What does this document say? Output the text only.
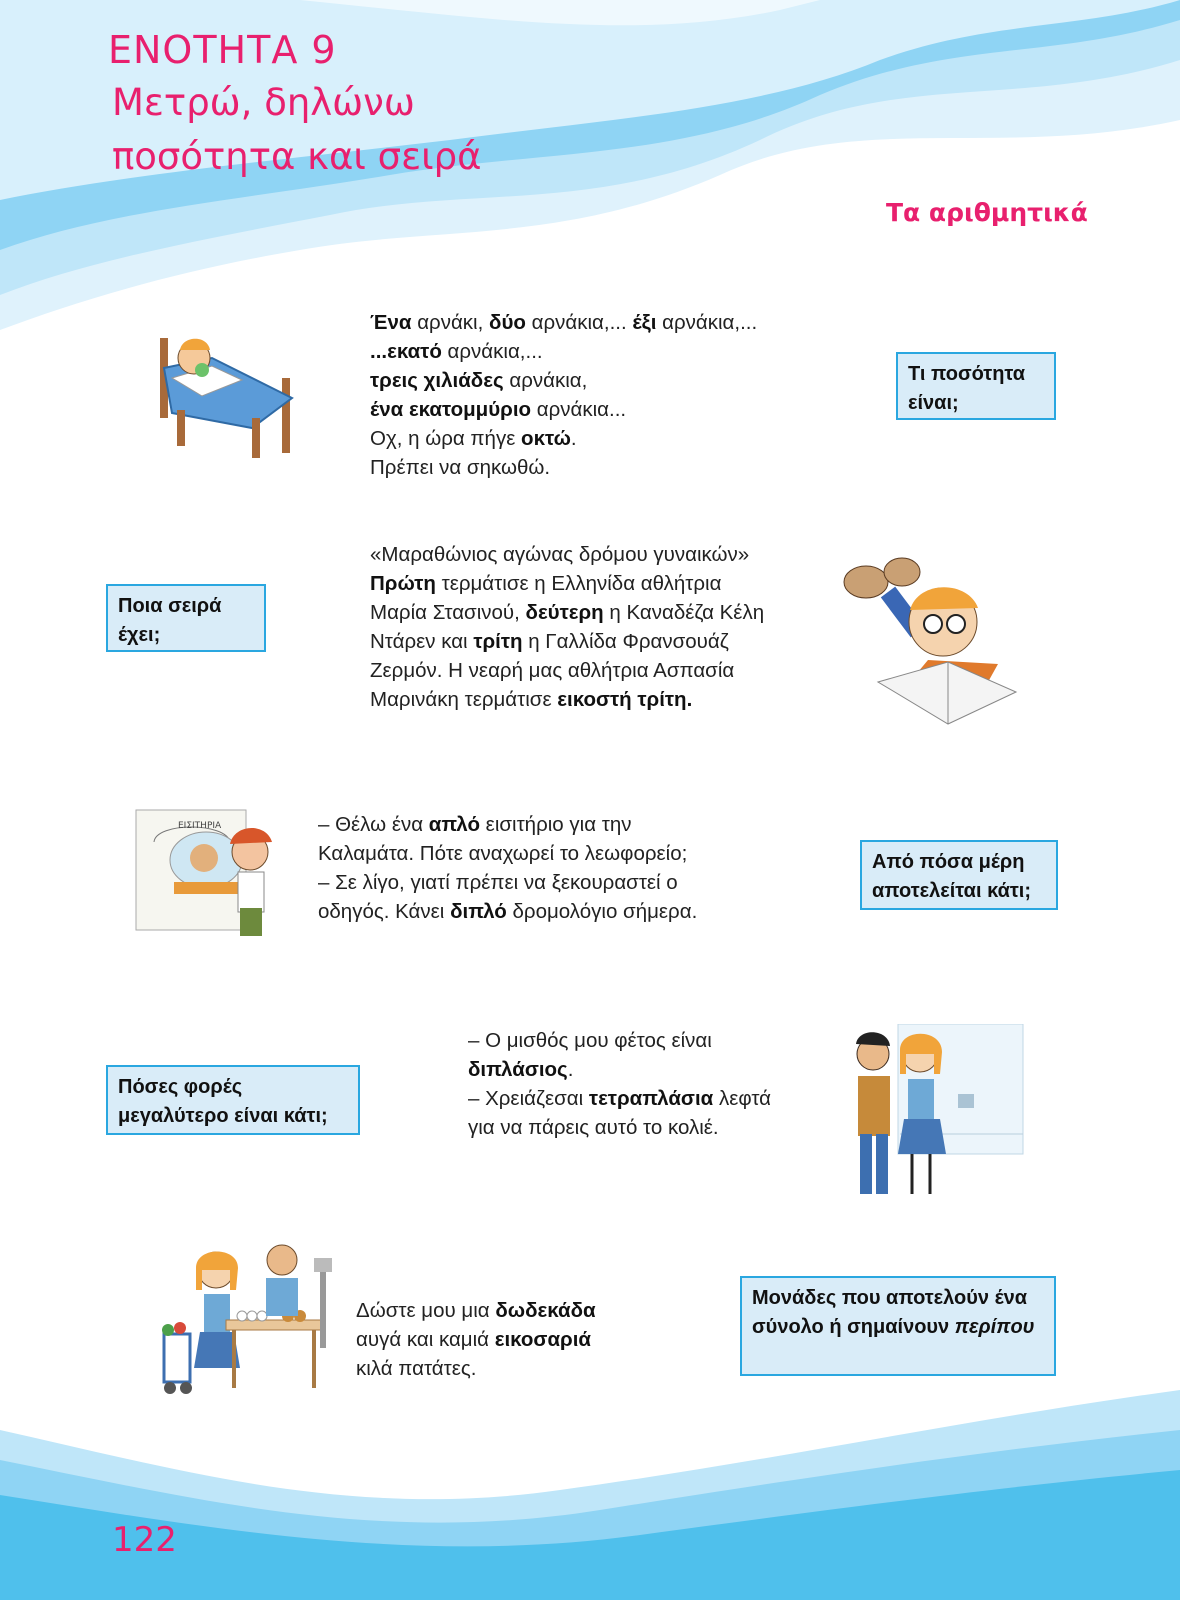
ΕΝΟΤΗΤΑ 9
Μετρώ, δηλώνω
ποσότητα και σειρά
Τα αριθμητικά

Ένα αρνάκι, δύο αρνάκια,... έξι αρνάκια,...

...εκατό αρνάκια,...

τρεις χιλιάδες αρνάκια,

ένα εκατομμύριο αρνάκια...

Οχ, η ώρα πήγε οκτώ.

Πρέπει να σηκωθώ.

Τι ποσότητα είναι;
Ποια σειρά έχει;

«Μαραθώνιος αγώνας δρόμου γυναικών»

Πρώτη τερμάτισε η Ελληνίδα αθλήτρια

Μαρία Στασινού, δεύτερη η Καναδέζα Κέλη

Ντάρεν και τρίτη η Γαλλίδα Φρανσουάζ

Ζερμόν. Η νεαρή μας αθλήτρια Ασπασία

Μαρινάκη τερμάτισε εικοστή τρίτη.

ΕΙΣΙΤΗΡΙΑ	– Θέλω ένα απλό εισιτήριο για την

Καλαμάτα. Πότε αναχωρεί το λεωφορείο;

– Σε λίγο, γιατί πρέπει να ξεκουραστεί ο

οδηγός. Κάνει διπλό δρομολόγιο σήμερα.

Από πόσα μέρη αποτελείται κάτι;
Πόσες φορές μεγαλύτερο είναι κάτι;

– Ο μισθός μου φέτος είναι

διπλάσιος.

– Χρειάζεσαι τετραπλάσια λεφτά

για να πάρεις αυτό το κολιέ.

Δώστε μου μια δωδεκάδα

αυγά και καμιά εικοσαριά

κιλά πατάτες.

Μονάδες που αποτελούν ένα σύνολο ή σημαίνουν περίπου
122
